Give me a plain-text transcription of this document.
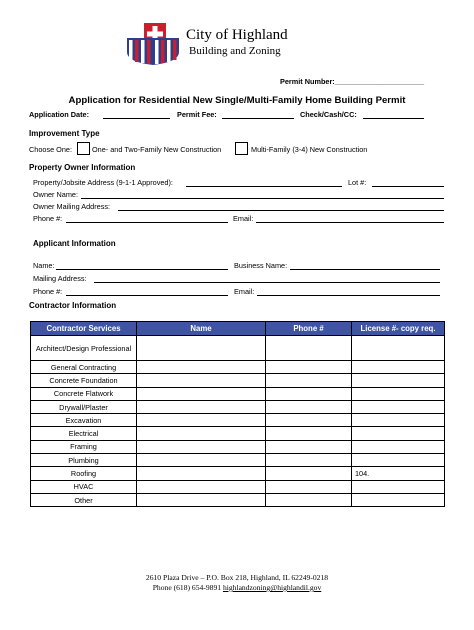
City of Highland
Building and Zoning
Permit Number:______________________
Application for Residential New Single/Multi-Family Home Building Permit
Application Date:	Permit Fee:	Check/Cash/CC:
Improvement Type
Choose One:	One- and Two-Family New Construction	Multi-Family (3-4) New Construction
Property Owner Information
Property/Jobsite Address (9-1-1 Approved):	Lot #:
Owner Name:
Owner Mailing Address:
Phone #:	Email:
Applicant Information
Name:	Business Name:
Mailing Address:
Phone #:	Email:
Contractor Information
Contractor Services	Name	Phone #	License #- copy req.
Architect/Design Professional			
General Contracting			
Concrete Foundation			
Concrete Flatwork			
Drywall/Plaster			
Excavation			
Electrical			
Framing			
Plumbing			
Roofing			104.
HVAC			
Other			
2610 Plaza Drive – P.O. Box 218, Highland, IL 62249-0218
Phone (618) 654-9891 highlandzoning@highlandil.gov
